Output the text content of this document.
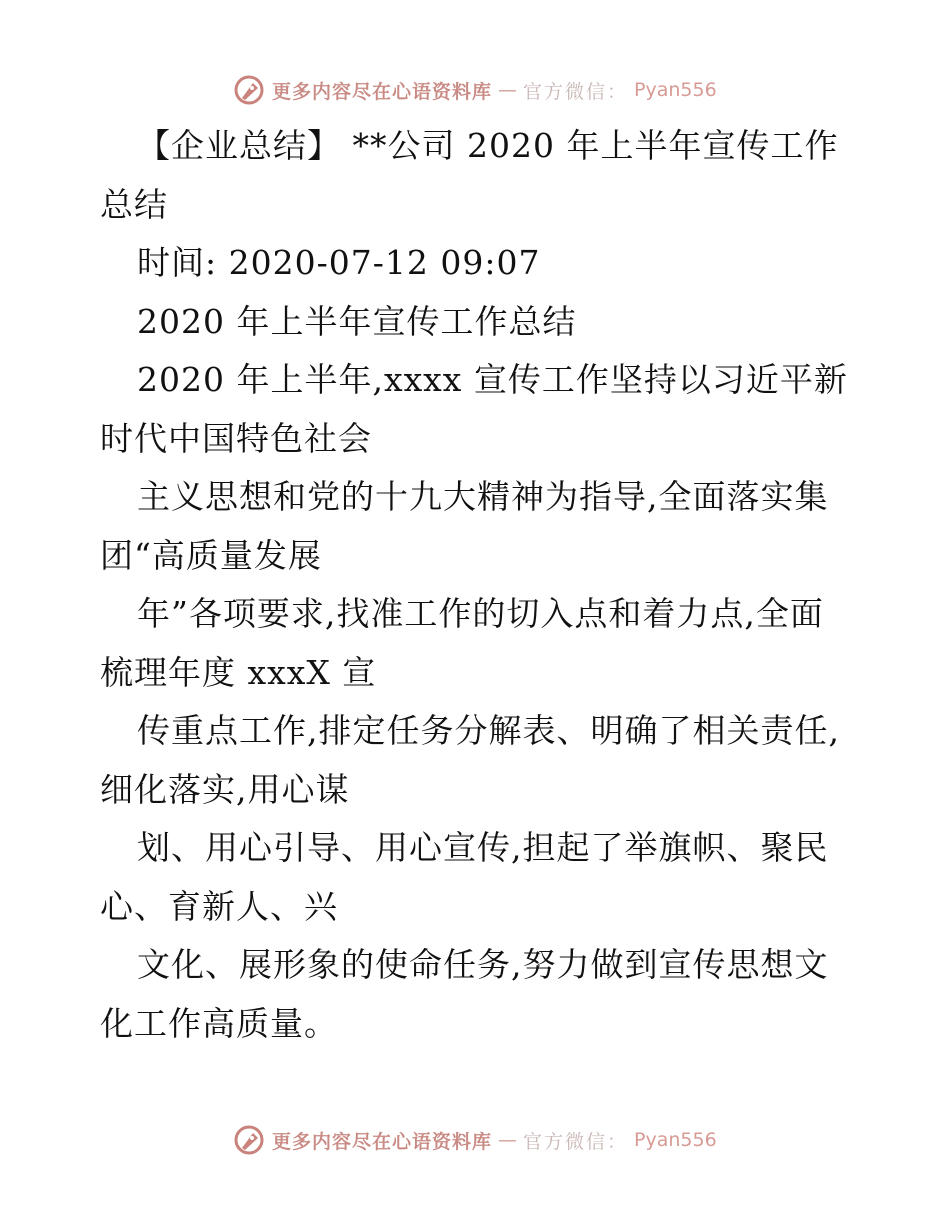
更多内容尽在心语资料库 — 官方微信： Pyan556
【企业总结】 **公司 2020 年上半年宣传工作
总结
时间: 2020-07-12 09:07
2020 年上半年宣传工作总结
2020 年上半年,xxxx 宣传工作坚持以习近平新
时代中国特色社会
主义思想和党的十九大精神为指导,全面落实集
团“高质量发展
年”各项要求,找准工作的切入点和着力点,全面
梳理年度 xxxX 宣
传重点工作,排定任务分解表、明确了相关责任,
细化落实,用心谋
划、用心引导、用心宣传,担起了举旗帜、聚民
心、育新人、兴
文化、展形象的使命任务,努力做到宣传思想文
化工作高质量。
更多内容尽在心语资料库 — 官方微信： Pyan556
